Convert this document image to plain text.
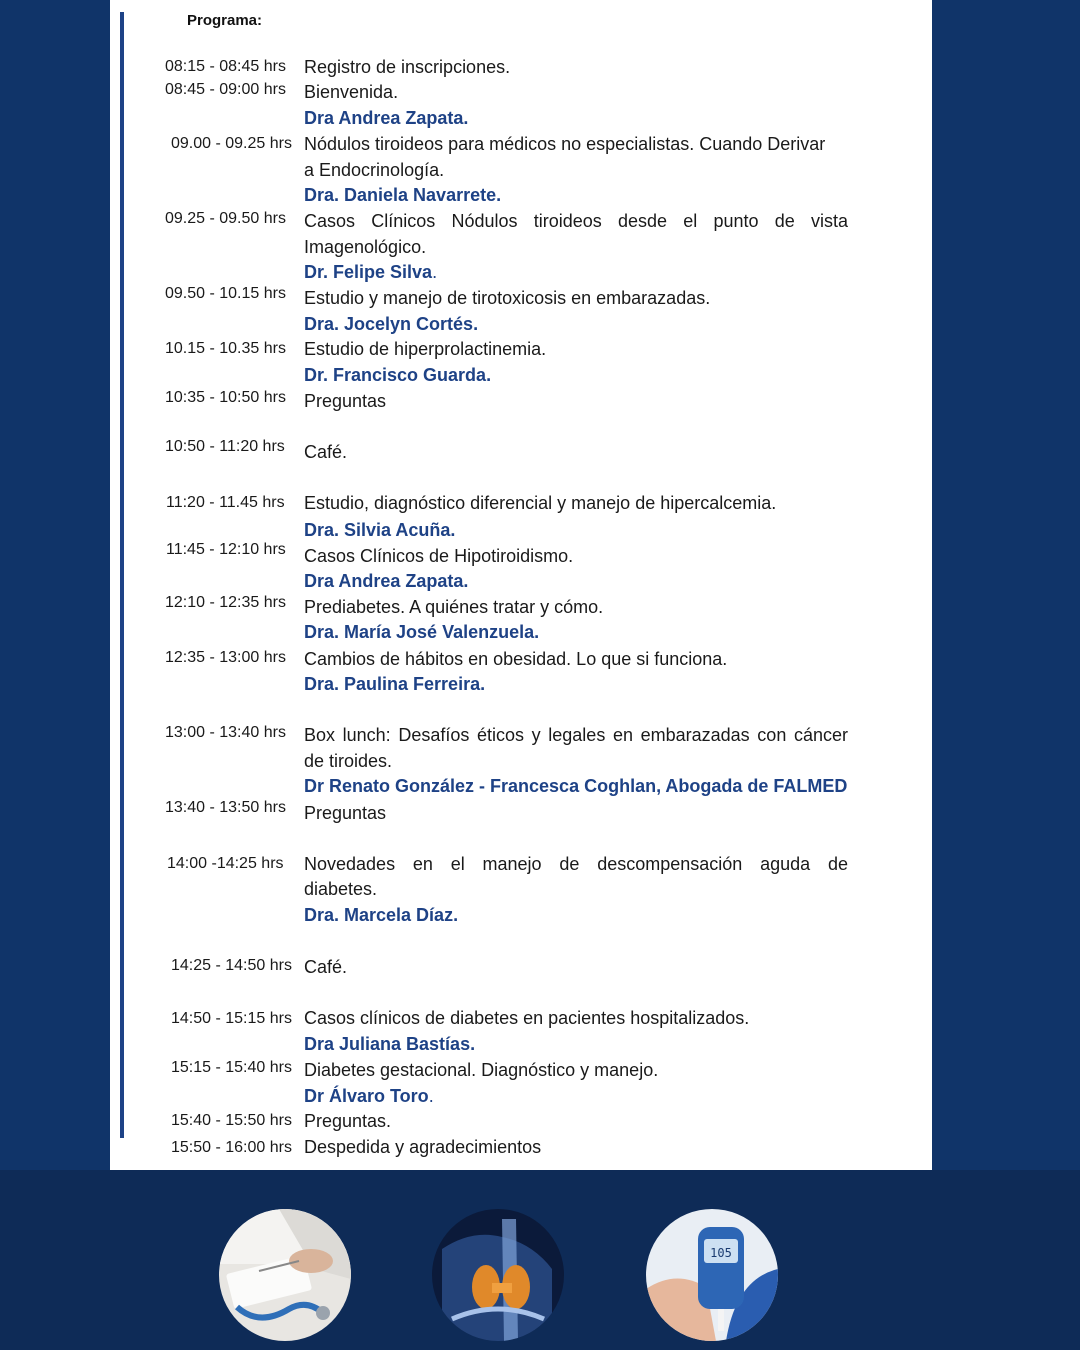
Programa:
08:15 - 08:45 hrs
08:45 - 09:00 hrs
09.00 - 09.25 hrs
09.25 - 09.50 hrs
09.50 - 10.15 hrs
10.15 - 10.35 hrs
10:35 - 10:50 hrs
10:50 - 11:20 hrs
11:20 - 11.45 hrs
11:45 - 12:10 hrs
12:10 - 12:35 hrs
12:35 - 13:00 hrs
13:00 - 13:40 hrs
13:40 - 13:50 hrs
14:00 -14:25 hrs
14:25 - 14:50 hrs
14:50 - 15:15 hrs
15:15 - 15:40 hrs
15:40 - 15:50 hrs
15:50 - 16:00 hrs
Registro de inscripciones.
Bienvenida.
Dra Andrea Zapata.
Nódulos tiroideos para médicos no especialistas. Cuando Derivar
a Endocrinología.
Dra. Daniela Navarrete.
Casos Clínicos Nódulos tiroideos desde el punto de vista
Imagenológico.
Dr. Felipe Silva.
Estudio y manejo de tirotoxicosis en embarazadas.
Dra. Jocelyn Cortés.
Estudio de hiperprolactinemia.
Dr. Francisco Guarda.
Preguntas
Café.
Estudio, diagnóstico diferencial y manejo de hipercalcemia.
Dra. Silvia Acuña.
Casos Clínicos de Hipotiroidismo.
Dra Andrea Zapata.
Prediabetes. A quiénes tratar y cómo.
Dra. María José Valenzuela.
Cambios de hábitos en obesidad. Lo que si funciona.
Dra. Paulina Ferreira.
Box lunch: Desafíos éticos y legales en embarazadas con cáncer
de tiroides.
Dr Renato González - Francesca Coghlan, Abogada de FALMED
Preguntas
Novedades en el manejo de descompensación aguda de
diabetes.
Dra. Marcela Díaz.
Café.
Casos clínicos de diabetes en pacientes hospitalizados.
Dra Juliana Bastías.
Diabetes gestacional. Diagnóstico y manejo.
Dr Álvaro Toro.
Preguntas.
Despedida y agradecimientos
105
